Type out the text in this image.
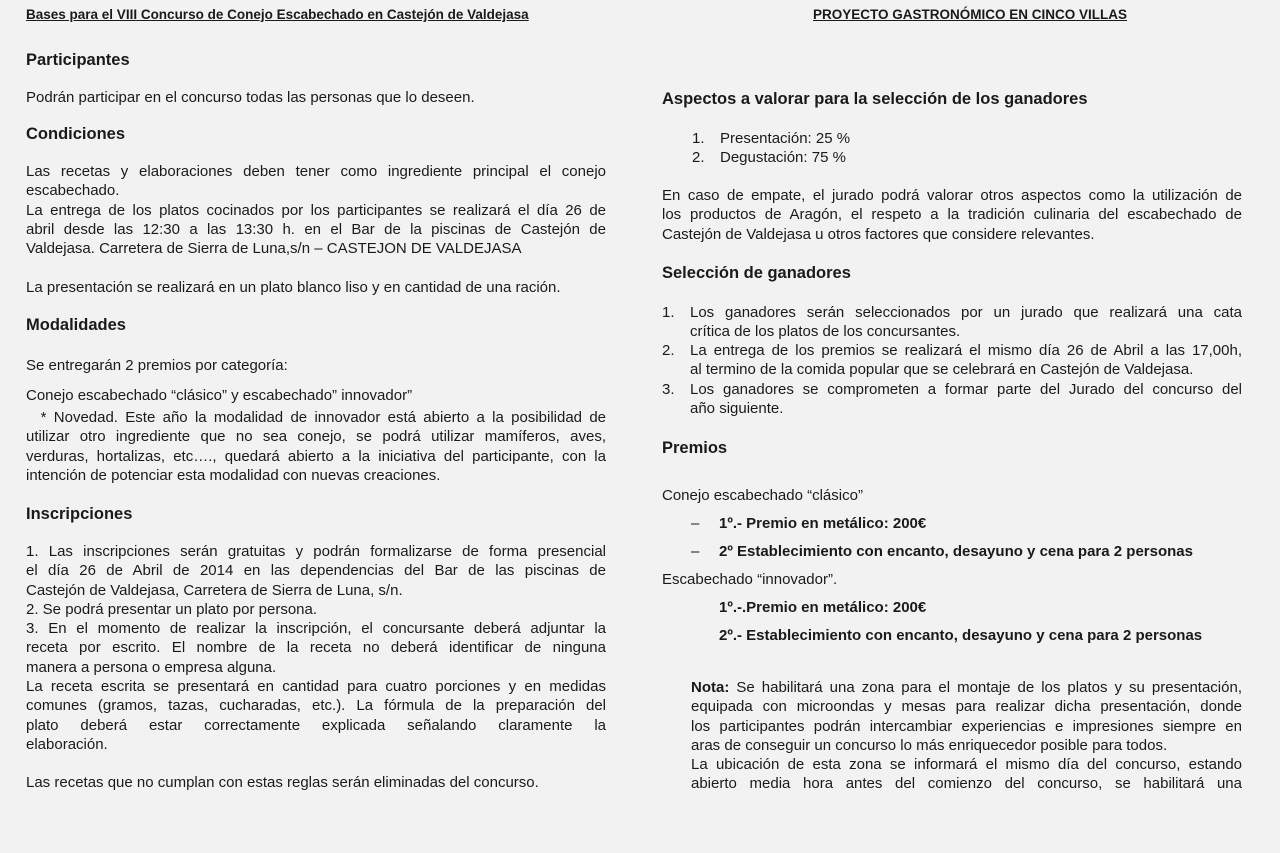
Bases para el VIII Concurso de Conejo Escabechado en Castejón de Valdejasa	PROYECTO GASTRONÓMICO EN CINCO VILLAS
Participantes

Podrán participar en el concurso todas las personas que lo deseen.

Condiciones
Las recetas y elaboraciones deben tener como ingrediente principal el conejo
escabechado.
La entrega de los platos cocinados por los participantes se realizará el día 26 de
abril desde las 12:30 a las 13:30 h. en el Bar de la piscinas de Castejón de
Valdejasa. Carretera de Sierra de Luna,s/n – CASTEJON DE VALDEJASA

La presentación se realizará en un plato blanco liso y en cantidad de una ración.

Modalidades

Se entregarán 2 premios por categoría:

Conejo escabechado “clásico” y escabechado” innovador”

* Novedad. Este año la modalidad de innovador está abierto a la posibilidad de
utilizar otro ingrediente que no sea conejo, se podrá utilizar mamíferos, aves,
verduras, hortalizas, etc…., quedará abierto a la iniciativa del participante, con la
intención de potenciar esta modalidad con nuevas creaciones.
Inscripciones
1. Las inscripciones serán gratuitas y podrán formalizarse de forma presencial
el día 26 de Abril de 2014 en las dependencias del Bar de las piscinas de
Castejón de Valdejasa, Carretera de Sierra de Luna, s/n.
2. Se podrá presentar un plato por persona.
3. En el momento de realizar la inscripción, el concursante deberá adjuntar la
receta por escrito. El nombre de la receta no deberá identificar de ninguna
manera a persona o empresa alguna.
La receta escrita se presentará en cantidad para cuatro porciones y en medidas
comunes (gramos, tazas, cucharadas, etc.). La fórmula de la preparación del
plato deberá estar correctamente explicada señalando claramente la
elaboración.

Las recetas que no cumplan con estas reglas serán eliminadas del concurso.

Aspectos a valorar para la selección de los ganadores
1. Presentación: 25 %
2. Degustación: 75 %
En caso de empate, el jurado podrá valorar otros aspectos como la utilización de
los productos de Aragón, el respeto a la tradición culinaria del escabechado de
Castejón de Valdejasa u otros factores que considere relevantes.
Selección de ganadores
1. Los ganadores serán seleccionados por un jurado que realizará una cata
crítica de los platos de los concursantes.
2. La entrega de los premios se realizará el mismo día 26 de Abril a las 17,00h,
al termino de la comida popular que se celebrará en Castejón de Valdejasa.
3. Los ganadores se comprometen a formar parte del Jurado del concurso del
año siguiente.
Premios

Conejo escabechado “clásico”

– 1º.- Premio en metálico: 200€
– 2º Establecimiento con encanto, desayuno y cena para 2 personas

Escabechado “innovador”.

1º.-.Premio en metálico: 200€
2º.- Establecimiento con encanto, desayuno y cena para 2 personas
Nota: Se habilitará una zona para el montaje de los platos y su presentación,
equipada con microondas y mesas para realizar dicha presentación, donde
los participantes podrán intercambiar experiencias e impresiones siempre en
aras de conseguir un concurso lo más enriquecedor posible para todos.
La ubicación de esta zona se informará el mismo día del concurso, estando
abierto media hora antes del comienzo del concurso, se habilitará una
